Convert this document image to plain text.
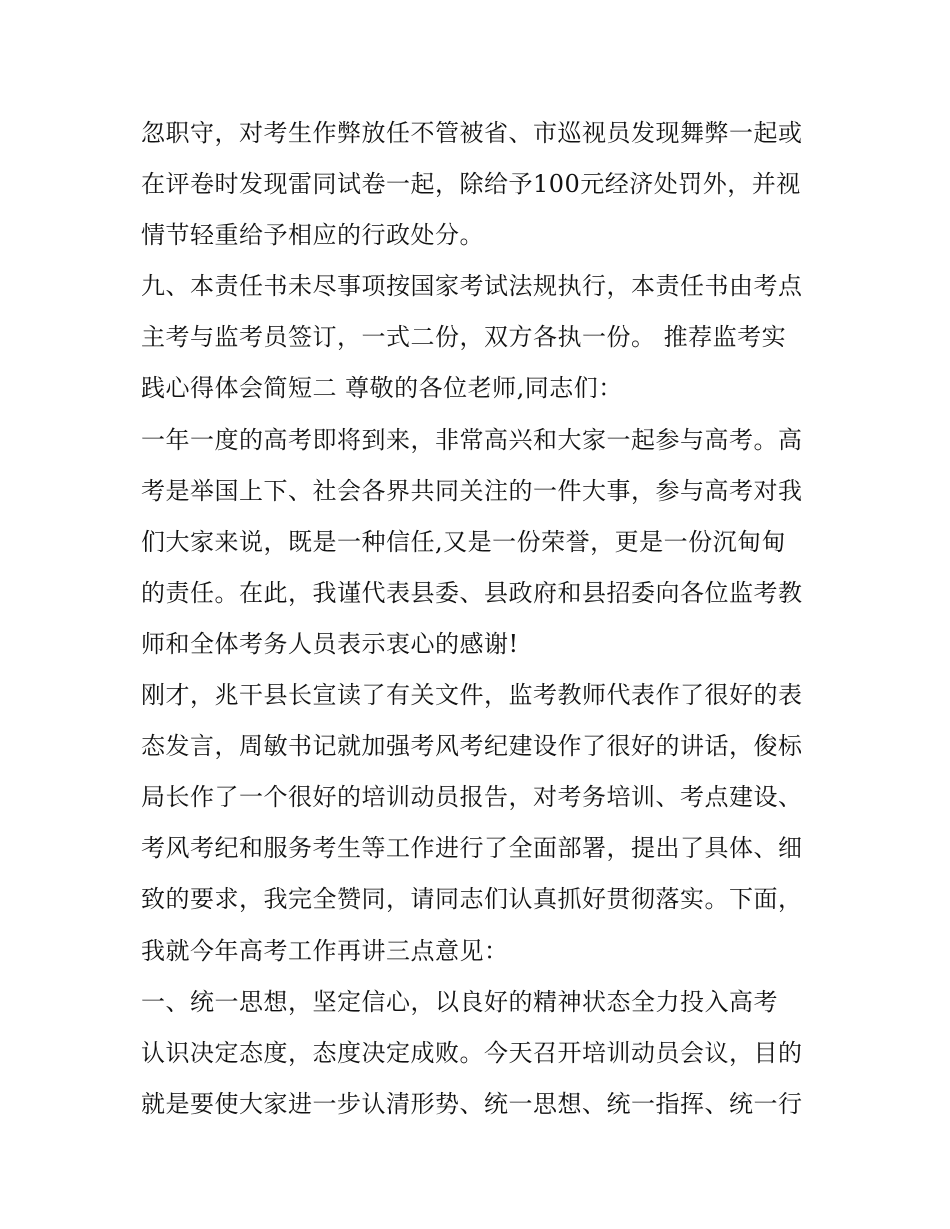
忽职守，对考生作弊放任不管被省、市巡视员发现舞弊一起或
在评卷时发现雷同试卷一起，除给予100元经济处罚外，并视
情节轻重给予相应的行政处分。
九、本责任书未尽事项按国家考试法规执行，本责任书由考点
主考与监考员签订，一式二份，双方各执一份。 推荐监考实
践心得体会简短二 尊敬的各位老师,同志们：
一年一度的高考即将到来，非常高兴和大家一起参与高考。高
考是举国上下、社会各界共同关注的一件大事，参与高考对我
们大家来说，既是一种信任,又是一份荣誉，更是一份沉甸甸
的责任。在此，我谨代表县委、县政府和县招委向各位监考教
师和全体考务人员表示衷心的感谢!
刚才，兆干县长宣读了有关文件，监考教师代表作了很好的表
态发言，周敏书记就加强考风考纪建设作了很好的讲话，俊标
局长作了一个很好的培训动员报告，对考务培训、考点建设、
考风考纪和服务考生等工作进行了全面部署，提出了具体、细
致的要求，我完全赞同，请同志们认真抓好贯彻落实。下面，
我就今年高考工作再讲三点意见：
一、统一思想，坚定信心，以良好的精神状态全力投入高考
认识决定态度，态度决定成败。今天召开培训动员会议，目的
就是要使大家进一步认清形势、统一思想、统一指挥、统一行
